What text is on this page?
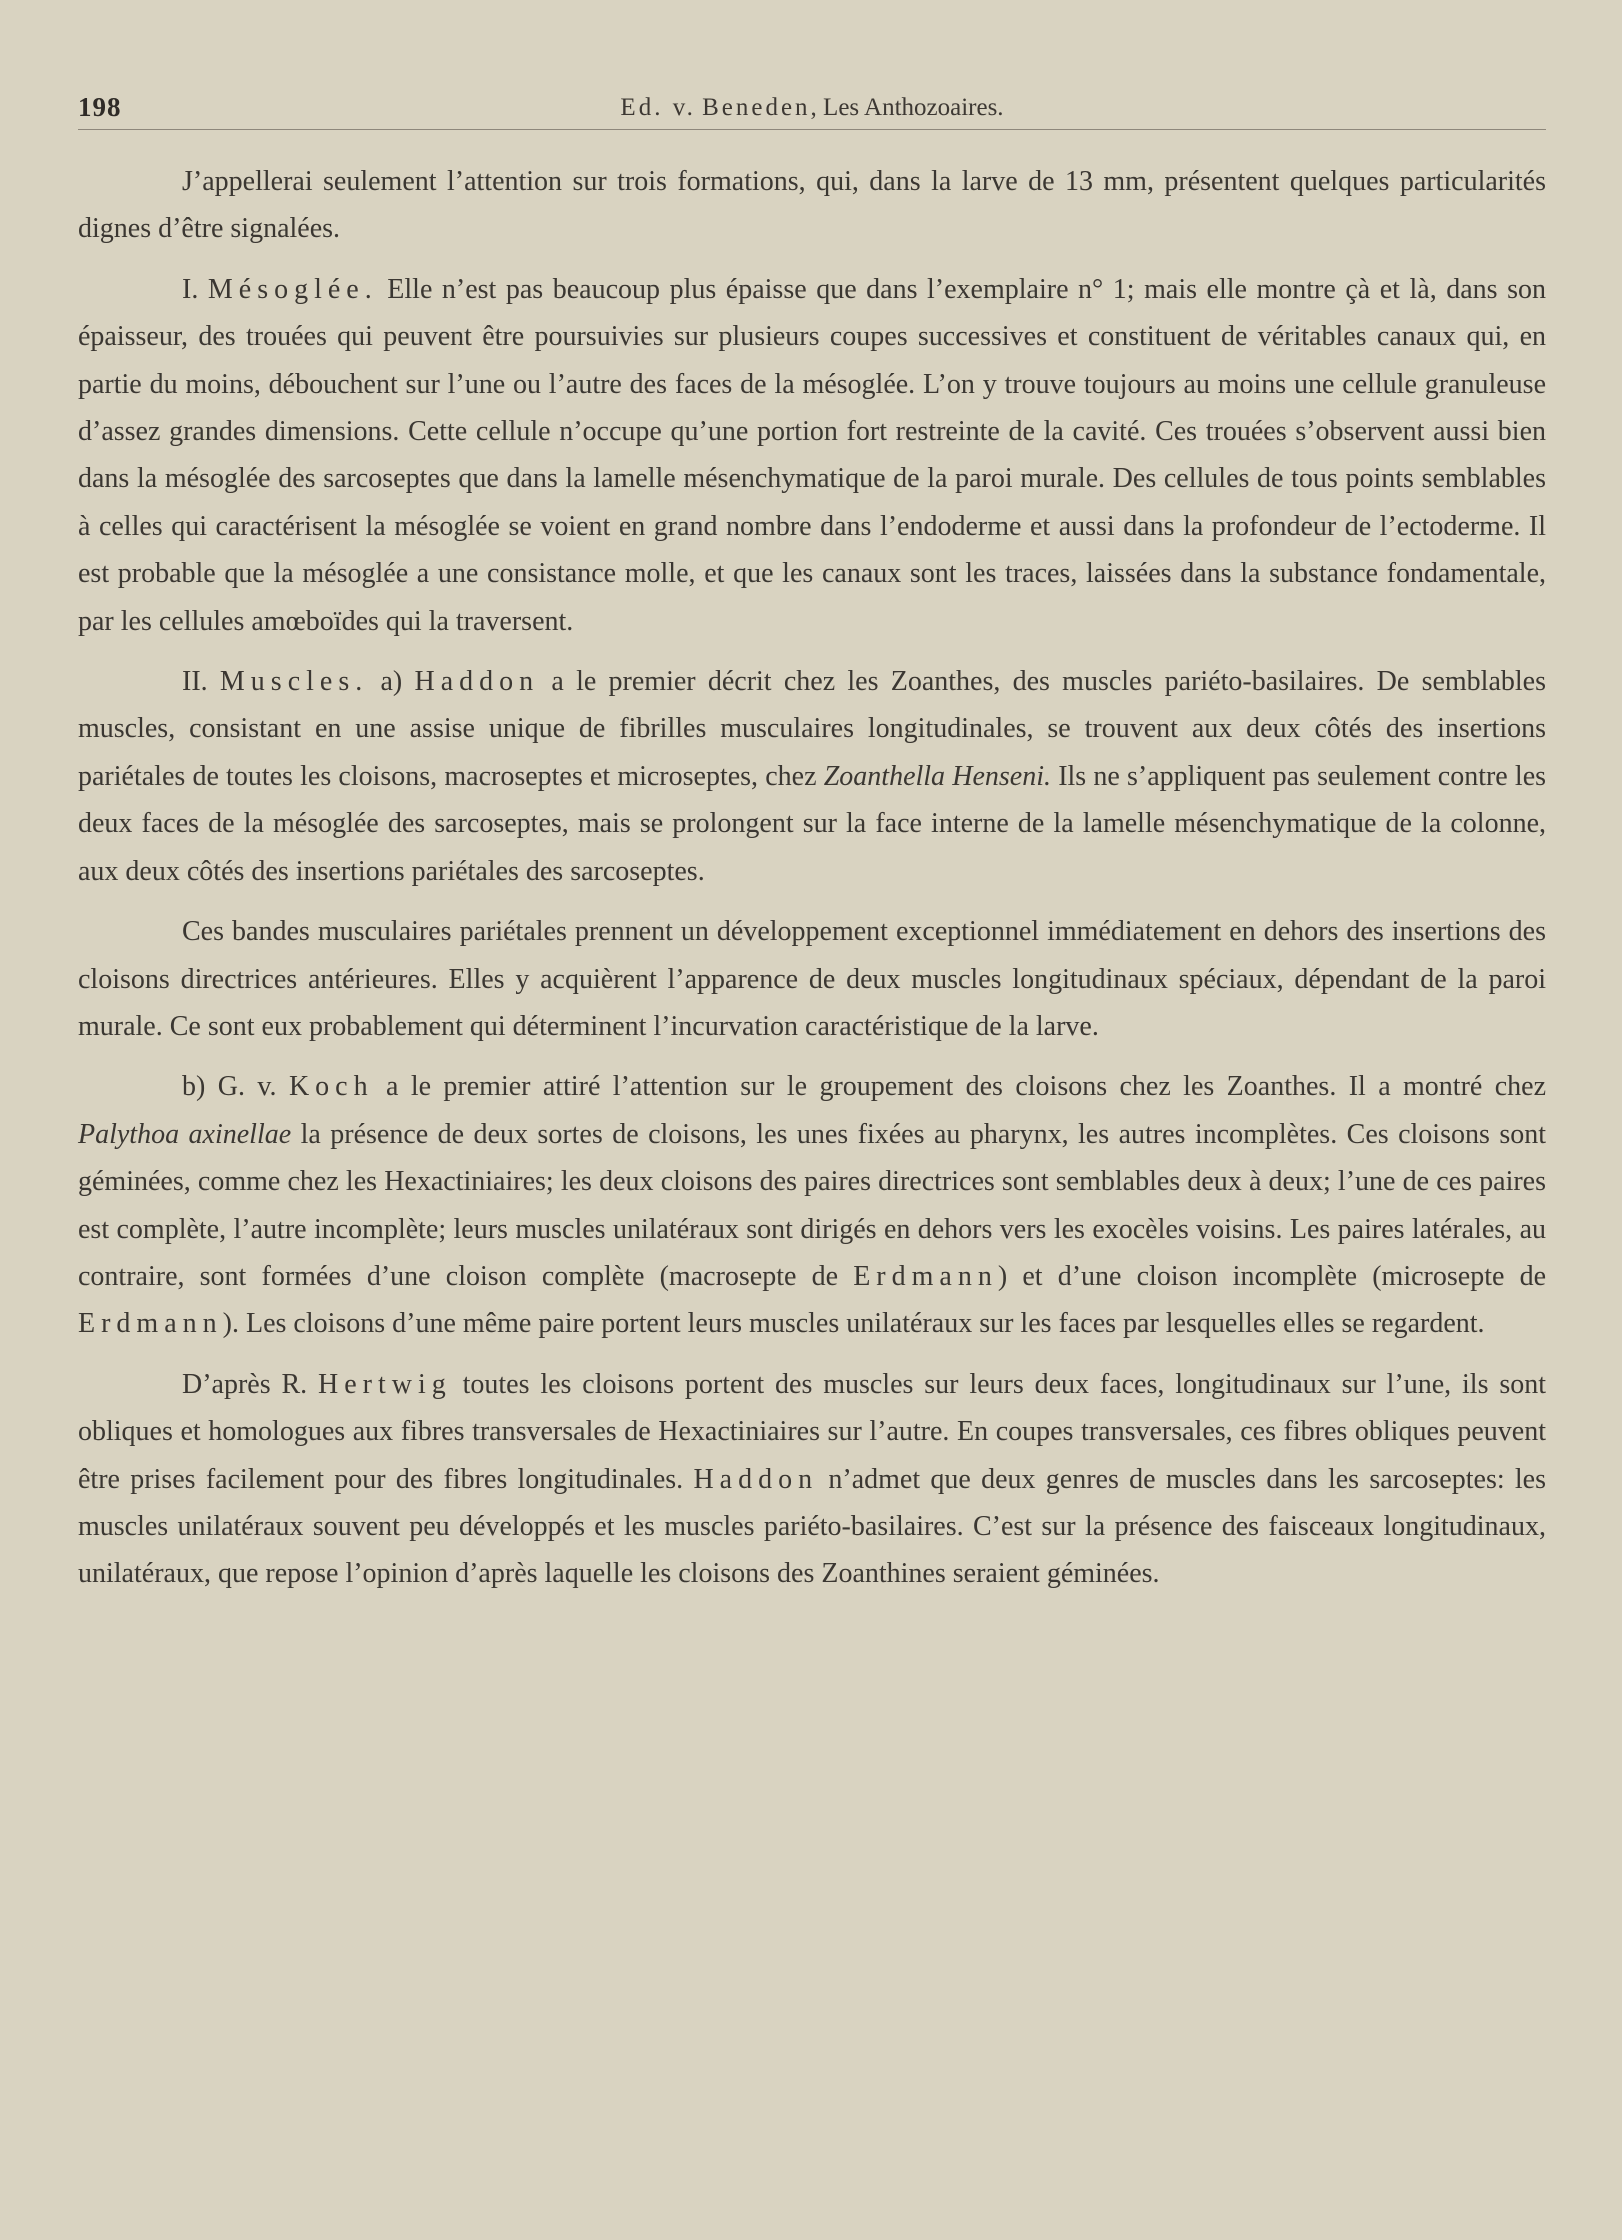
198	Ed. v. Beneden, Les Anthozoaires.

J’appellerai seulement l’attention sur trois formations, qui, dans la larve de 13 mm, présentent quelques particularités dignes d’être signalées.

I. Mésoglée. Elle n’est pas beaucoup plus épaisse que dans l’exemplaire n° 1; mais elle montre çà et là, dans son épaisseur, des trouées qui peuvent être poursuivies sur plusieurs coupes successives et constituent de véritables canaux qui, en partie du moins, débouchent sur l’une ou l’autre des faces de la mésoglée. L’on y trouve toujours au moins une cellule granuleuse d’assez grandes dimensions. Cette cellule n’occupe qu’une portion fort restreinte de la cavité. Ces trouées s’observent aussi bien dans la mésoglée des sarcoseptes que dans la lamelle mésenchymatique de la paroi murale. Des cellules de tous points semblables à celles qui caractérisent la mésoglée se voient en grand nombre dans l’endoderme et aussi dans la profondeur de l’ectoderme. Il est probable que la mésoglée a une consistance molle, et que les canaux sont les traces, laissées dans la substance fondamentale, par les cellules amœboïdes qui la traversent.

II. Muscles. a) Haddon a le premier décrit chez les Zoanthes, des muscles pariéto-basilaires. De semblables muscles, consistant en une assise unique de fibrilles musculaires longitudinales, se trouvent aux deux côtés des insertions pariétales de toutes les cloisons, macroseptes et microseptes, chez Zoanthella Henseni. Ils ne s’appliquent pas seulement contre les deux faces de la mésoglée des sarcoseptes, mais se prolongent sur la face interne de la lamelle mésenchymatique de la colonne, aux deux côtés des insertions pariétales des sarcoseptes.

Ces bandes musculaires pariétales prennent un développement exceptionnel immédiatement en dehors des insertions des cloisons directrices antérieures. Elles y acquièrent l’apparence de deux muscles longitudinaux spéciaux, dépendant de la paroi murale. Ce sont eux probablement qui déterminent l’incurvation caractéristique de la larve.

b) G. v. Koch a le premier attiré l’attention sur le groupement des cloisons chez les Zoanthes. Il a montré chez Palythoa axinellae la présence de deux sortes de cloisons, les unes fixées au pharynx, les autres incomplètes. Ces cloisons sont géminées, comme chez les Hexactiniaires; les deux cloisons des paires directrices sont semblables deux à deux; l’une de ces paires est complète, l’autre incomplète; leurs muscles unilatéraux sont dirigés en dehors vers les exocèles voisins. Les paires latérales, au contraire, sont formées d’une cloison complète (macrosepte de Erdmann) et d’une cloison incomplète (microsepte de Erdmann). Les cloisons d’une même paire portent leurs muscles unilatéraux sur les faces par lesquelles elles se regardent.

D’après R. Hertwig toutes les cloisons portent des muscles sur leurs deux faces, longitudinaux sur l’une, ils sont obliques et homologues aux fibres transversales de Hexactiniaires sur l’autre. En coupes transversales, ces fibres obliques peuvent être prises facilement pour des fibres longitudinales. Haddon n’admet que deux genres de muscles dans les sarcoseptes: les muscles unilatéraux souvent peu développés et les muscles pariéto-basilaires. C’est sur la présence des faisceaux longitudinaux, unilatéraux, que repose l’opinion d’après laquelle les cloisons des Zoanthines seraient géminées.
